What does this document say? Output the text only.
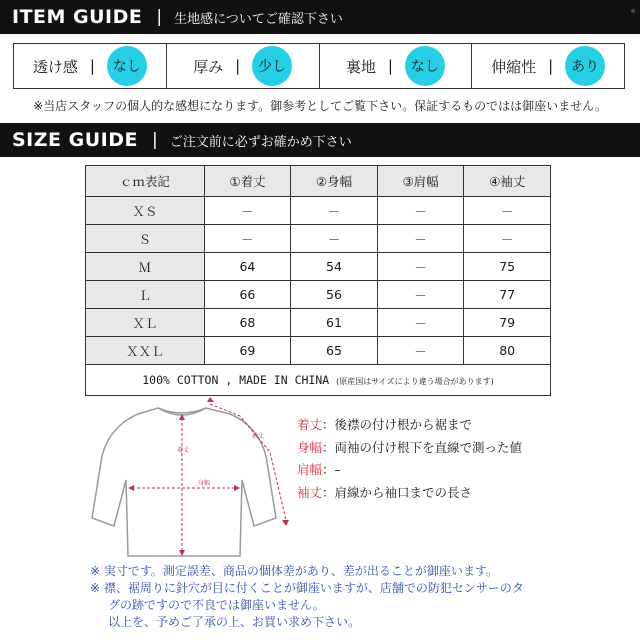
ITEM GUIDE | 生地感についてご確認下さい
透け感 |	なし	厚み |	少し	裏地 |	なし	伸縮性 |	あり
※当店スタッフの個人的な感想になります。御参考としてご覧下さい。保証するものではは御座いません。
SIZE GUIDE | ご注文前に必ずお確かめ下さい
ｃｍ表記	①着丈	②身幅	③肩幅	④袖丈
ＸＳ	－	－	－	－
Ｓ	－	－	－	－
Ｍ	64	54	－	75
Ｌ	66	56	－	77
ＸＬ	68	61	－	79
ＸＸＬ	69	65	－	80
100% COTTON , MADE IN CHINA (原産国はサイズにより違う場合があります)				
着丈
身幅
袖丈
着丈：後襟の付け根から裾まで
身幅：両袖の付け根下を直線で測った値
肩幅：–
袖丈：肩線から袖口までの長さ
※ 実寸です。測定誤差、商品の個体差があり、差が出ることが御座います。
※ 襟、裾周りに針穴が目に付くことが御座いますが、店舗での防犯センサーのタ
グの跡ですので不良では御座いません。
以上を、予めご了承の上、お買い求め下さい。
